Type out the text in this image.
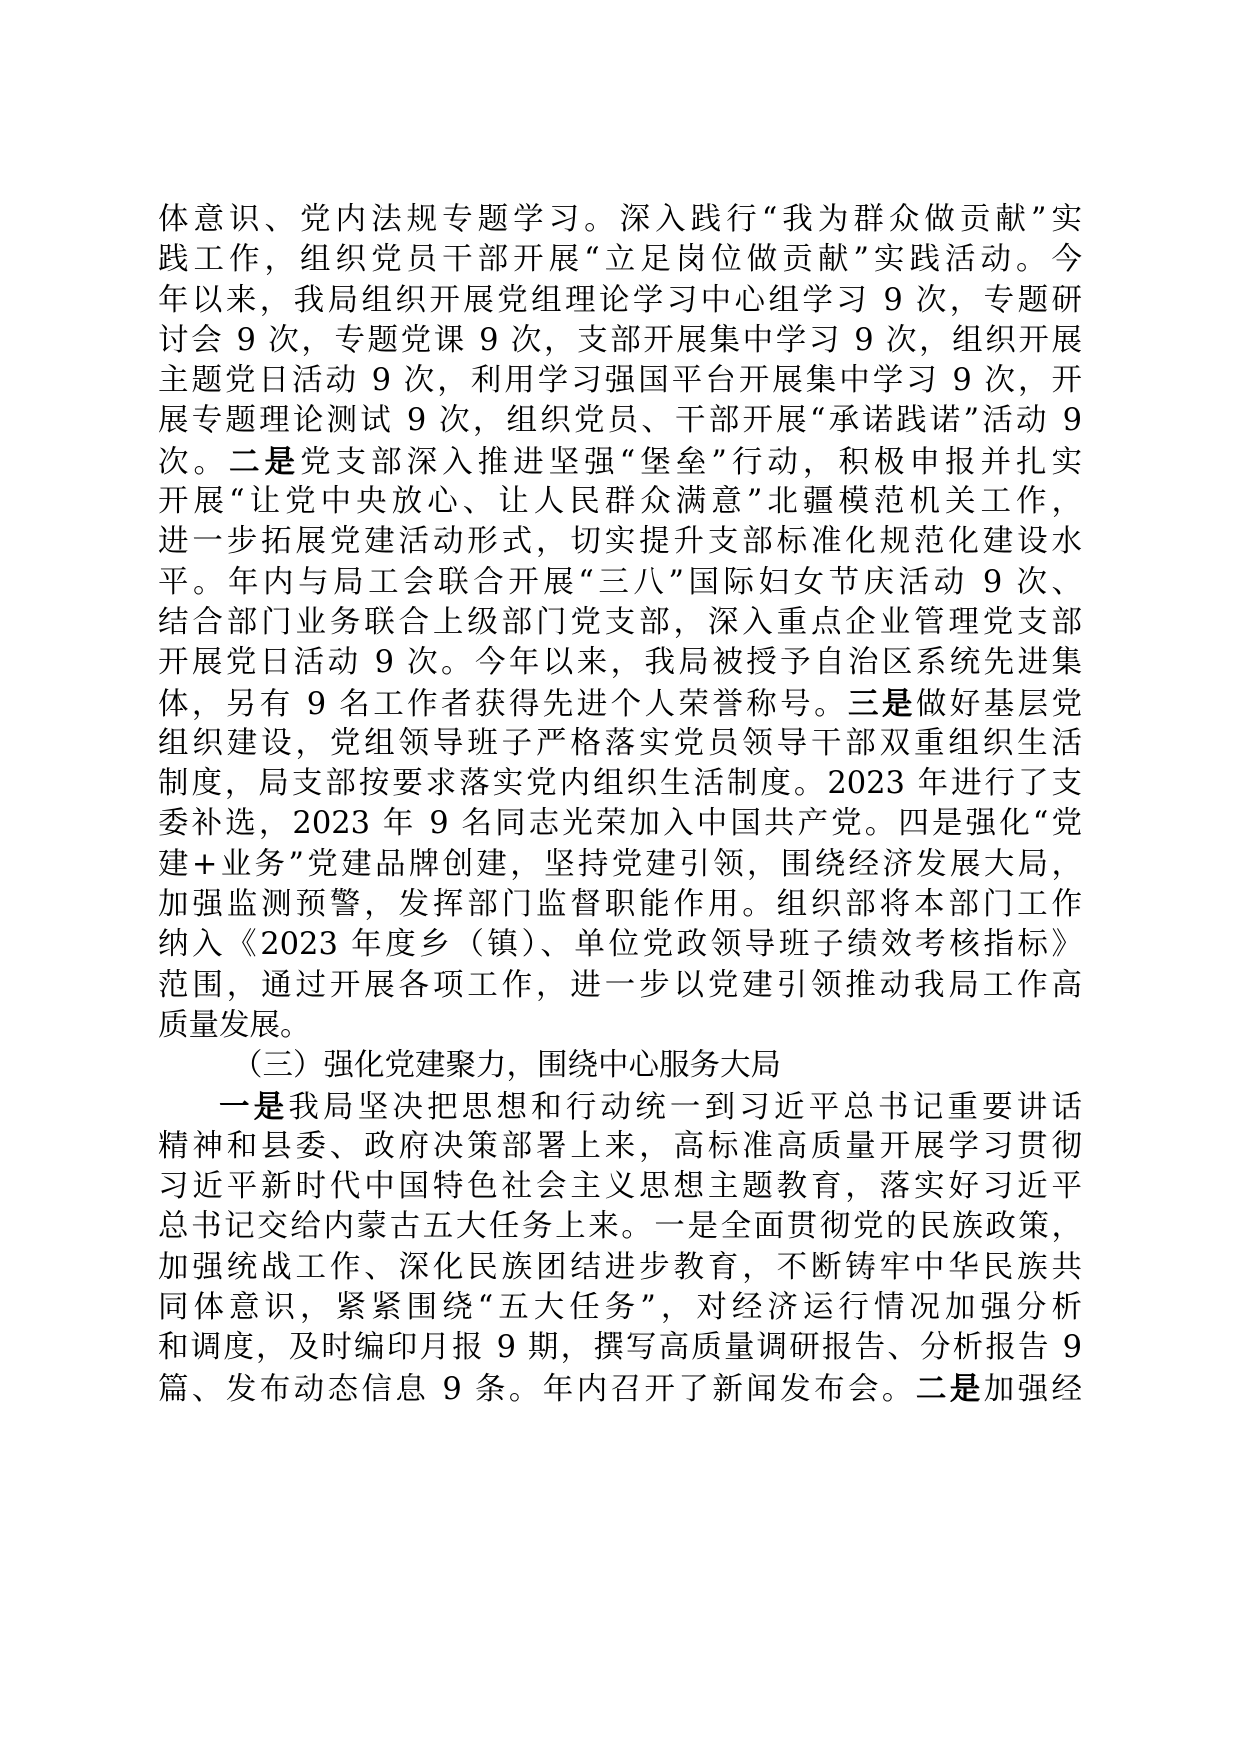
体意识、党内法规专题学习。深入践行“我为群众做贡献”实
践工作，组织党员干部开展“立足岗位做贡献”实践活动。今
年以来，我局组织开展党组理论学习中心组学习 9 次，专题研
讨会 9 次，专题党课 9 次，支部开展集中学习 9 次，组织开展
主题党日活动 9 次，利用学习强国平台开展集中学习 9 次，开
展专题理论测试 9 次，组织党员、干部开展“承诺践诺”活动 9
次。二是党支部深入推进坚强“堡垒”行动，积极申报并扎实
开展“让党中央放心、让人民群众满意”北疆模范机关工作，
进一步拓展党建活动形式，切实提升支部标准化规范化建设水
平。年内与局工会联合开展“三八”国际妇女节庆活动 9 次、
结合部门业务联合上级部门党支部，深入重点企业管理党支部
开展党日活动 9 次。今年以来，我局被授予自治区系统先进集
体，另有 9 名工作者获得先进个人荣誉称号。三是做好基层党
组织建设，党组领导班子严格落实党员领导干部双重组织生活
制度，局支部按要求落实党内组织生活制度。2023 年进行了支
委补选，2023 年 9 名同志光荣加入中国共产党。四是强化“党
建+业务”党建品牌创建，坚持党建引领，围绕经济发展大局，
加强监测预警，发挥部门监督职能作用。组织部将本部门工作
纳入《2023 年度乡（镇）、单位党政领导班子绩效考核指标》
范围，通过开展各项工作，进一步以党建引领推动我局工作高
质量发展。
（三）强化党建聚力，围绕中心服务大局
一是我局坚决把思想和行动统一到习近平总书记重要讲话
精神和县委、政府决策部署上来，高标准高质量开展学习贯彻
习近平新时代中国特色社会主义思想主题教育，落实好习近平
总书记交给内蒙古五大任务上来。一是全面贯彻党的民族政策，
加强统战工作、深化民族团结进步教育，不断铸牢中华民族共
同体意识，紧紧围绕“五大任务”，对经济运行情况加强分析
和调度，及时编印月报 9 期，撰写高质量调研报告、分析报告 9
篇、发布动态信息 9 条。年内召开了新闻发布会。二是加强经
